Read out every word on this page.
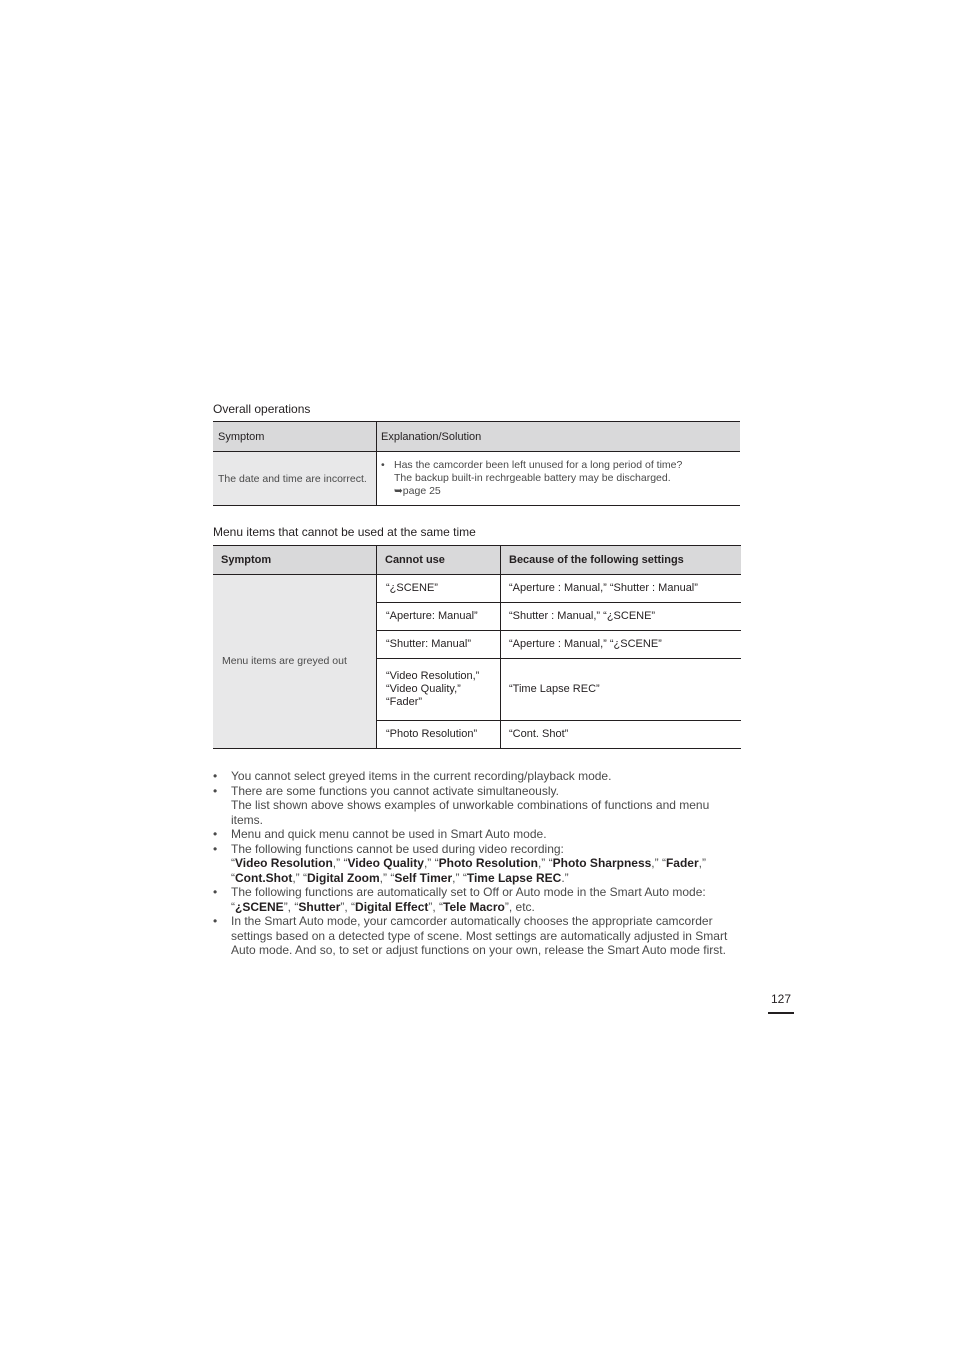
Overall operations
Symptom	Explanation/Solution
The date and time are incorrect.	• Has the camcorder been left unused for a long period of time?
The backup built-in rechrgeable battery may be discharged.
➥page 25
Menu items that cannot be used at the same time
Symptom	Cannot use	Because of the following settings
Menu items are greyed out	“¿SCENE”	“Aperture : Manual,” “Shutter : Manual”
	“Aperture: Manual”	“Shutter : Manual,” “¿SCENE”
	“Shutter: Manual”	“Aperture : Manual,” “¿SCENE”

	“Video Resolution,”
“Video Quality,”
“Fader”	“Time Lapse REC”
	“Photo Resolution”	“Cont. Shot”
•	You cannot select greyed items in the current recording/playback mode.
•	There are some functions you cannot activate simultaneously.
The list shown above shows examples of unworkable combinations of functions and menu items.
•	Menu and quick menu cannot be used in Smart Auto mode.
•	The following functions cannot be used during video recording:
“Video Resolution,” “Video Quality,” “Photo Resolution,” “Photo Sharpness,” “Fader,”
“Cont.Shot,” “Digital Zoom,” “Self Timer,” “Time Lapse REC.”
•	The following functions are automatically set to Off or Auto mode in the Smart Auto mode:
“¿SCENE”, “Shutter”, “Digital Effect”, “Tele Macro”, etc.
•	In the Smart Auto mode, your camcorder automatically chooses the appropriate camcorder settings based on a detected type of scene. Most settings are automatically adjusted in Smart Auto mode. And so, to set or adjust functions on your own, release the Smart Auto mode first.
127
